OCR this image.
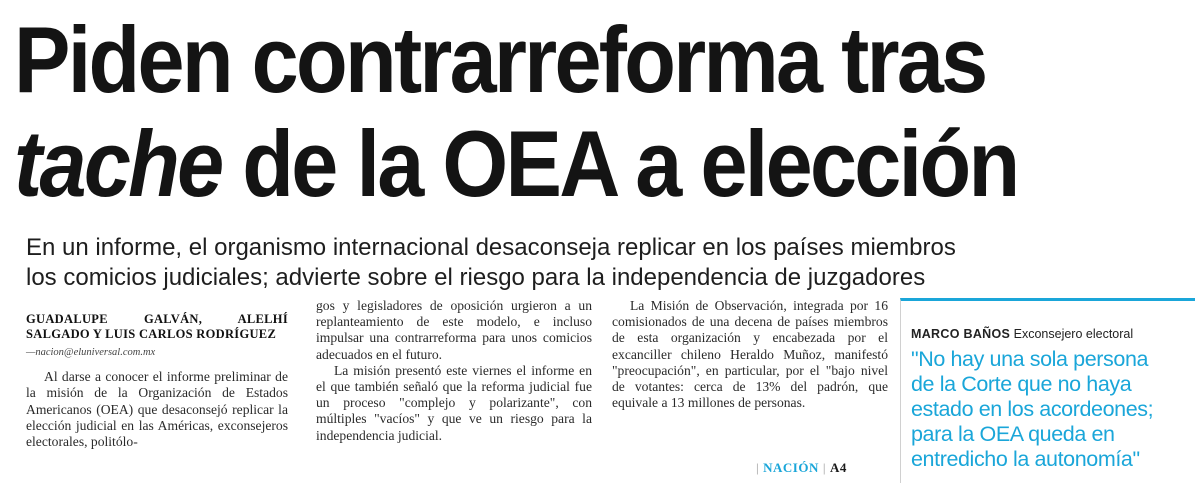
Piden contrarreforma tras
tache de la OEA a elección
En un informe, el organismo internacional desaconseja replicar en los países miembros
los comicios judiciales; advierte sobre el riesgo para la independencia de juzgadores
GUADALUPE GALVÁN, ALELHÍ SALGADO Y LUIS CARLOS RODRÍGUEZ
—nacion@eluniversal.com.mx

Al darse a conocer el informe preliminar de la misión de la Organización de Estados Americanos (OEA) que desaconsejó replicar la elección judicial en las Américas, exconsejeros electorales, politólo-

gos y legisladores de oposición urgieron a un replanteamiento de este modelo, e incluso impulsar una contrarreforma para unos comicios adecuados en el futuro.

La misión presentó este viernes el informe en el que también señaló que la reforma judicial fue un proceso "complejo y polarizante", con múltiples "vacíos" y que ve un riesgo para la independencia judicial.

La Misión de Observación, integrada por 16 comisionados de una decena de países miembros de esta organización y encabezada por el excanciller chileno Heraldo Muñoz, manifestó "preocupación", en particular, por el "bajo nivel de votantes: cerca de 13% del padrón, que equivale a 13 millones de personas.

| NACIÓN | A4
MARCO BAÑOS Exconsejero electoral
"No hay una sola persona
de la Corte que no haya
estado en los acordeones;
para la OEA queda en
entredicho la autonomía"
